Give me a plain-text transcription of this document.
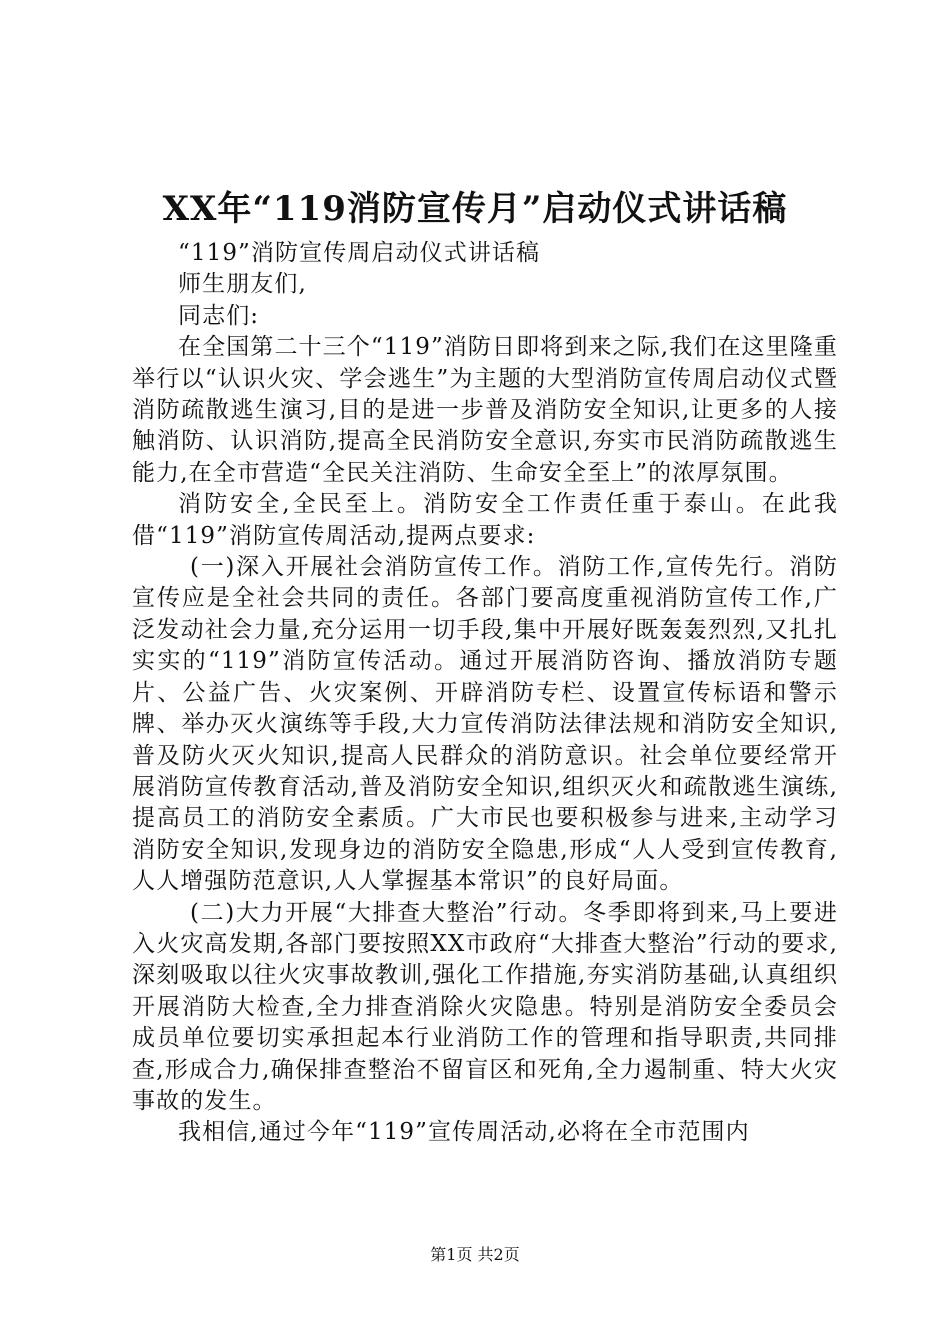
XX年“119消防宣传月”启动仪式讲话稿

“119”消防宣传周启动仪式讲话稿

师生朋友们,

同志们:

在全国第二十三个“119”消防日即将到来之际,我们在这里隆重举行以“认识火灾、学会逃生”为主题的大型消防宣传周启动仪式暨消防疏散逃生演习,目的是进一步普及消防安全知识,让更多的人接触消防、认识消防,提高全民消防安全意识,夯实市民消防疏散逃生能力,在全市营造“全民关注消防、生命安全至上”的浓厚氛围。

消防安全,全民至上。消防安全工作责任重于泰山。在此我借“119”消防宣传周活动,提两点要求:

(一)深入开展社会消防宣传工作。消防工作,宣传先行。消防宣传应是全社会共同的责任。各部门要高度重视消防宣传工作,广泛发动社会力量,充分运用一切手段,集中开展好既轰轰烈烈,又扎扎实实的“119”消防宣传活动。通过开展消防咨询、播放消防专题片、公益广告、火灾案例、开辟消防专栏、设置宣传标语和警示牌、举办灭火演练等手段,大力宣传消防法律法规和消防安全知识,普及防火灭火知识,提高人民群众的消防意识。社会单位要经常开展消防宣传教育活动,普及消防安全知识,组织灭火和疏散逃生演练,提高员工的消防安全素质。广大市民也要积极参与进来,主动学习消防安全知识,发现身边的消防安全隐患,形成“人人受到宣传教育,人人增强防范意识,人人掌握基本常识”的良好局面。

(二)大力开展“大排查大整治”行动。冬季即将到来,马上要进入火灾高发期,各部门要按照XX市政府“大排查大整治”行动的要求,深刻吸取以往火灾事故教训,强化工作措施,夯实消防基础,认真组织开展消防大检查,全力排查消除火灾隐患。特别是消防安全委员会成员单位要切实承担起本行业消防工作的管理和指导职责,共同排查,形成合力,确保排查整治不留盲区和死角,全力遏制重、特大火灾事故的发生。

我相信,通过今年“119”宣传周活动,必将在全市范围内

第1页 共2页
